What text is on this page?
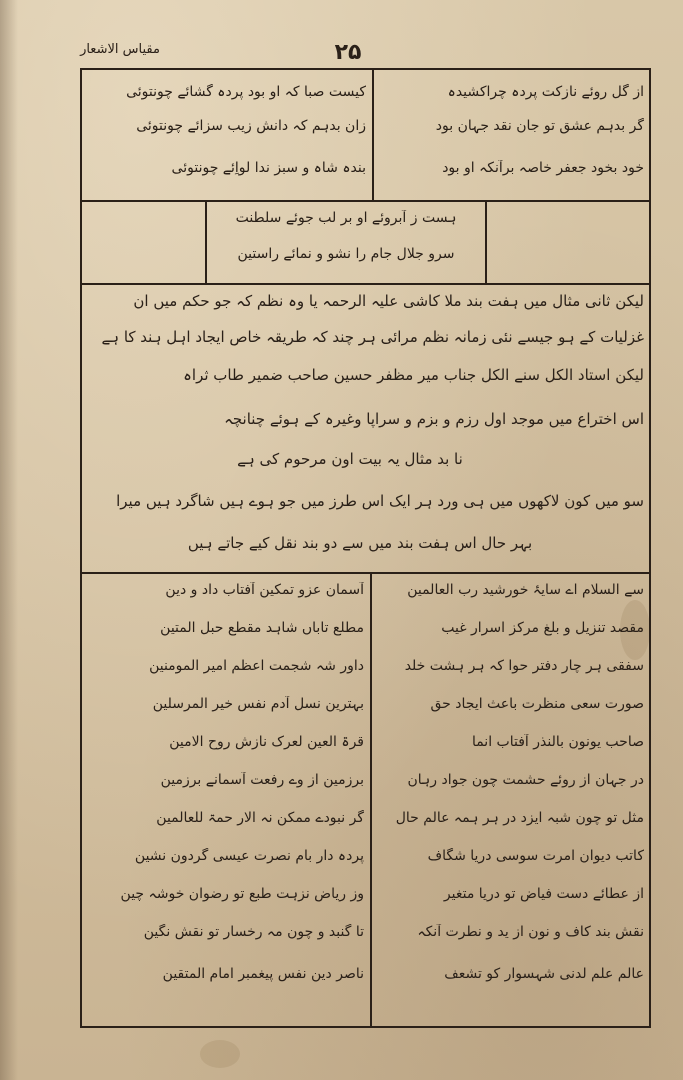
مقیاس الاشعار	۲۵
از گل روئے نازکت پردہ چراکشیدہ
گر بدہم عشق تو جان نقد جہان بود
خود بخود جعفر خاصہ برآنکہ او بود
کیست صبا کہ او بود پردہ گشائے چونتوئی
زان بدہم کہ دانش زیب سزائے چونتوئی
بندہ شاہ و سبز ندا لواِئے چونتوئی
ہست ز آبروئے او بر لب جوئے سلطنت
سرو جلال جام را نشو و نمائے راستین
لیکن ثانی مثال میں ہفت بند ملا کاشی علیہ الرحمہ یا وہ نظم کہ جو حکم میں ان
غزلیات کے ہو جیسے نئی زمانہ نظم مرائی ہر چند کہ طریقہ خاص ایجاد اہل ہند کا ہے
لیکن استاد الکل سنے الکل جناب میر مظفر حسین صاحب ضمیر طاب ثراہ
اس اختراع میں موجد اول رزم و بزم و سراپا وغیرہ کے ہوئے چنانچہ
نا بد مثال یہ بیت اون مرحوم کی ہے
سو میں کون لاکھوں میں ہی ورد ہر ایک اس طرز میں جو ہوے ہیں شاگرد ہیں میرا
بہر حال اس ہفت بند میں سے دو بند نقل کیے جاتے ہیں
سے السلام اے سایۂ خورشید رب العالمین
مقصد تنزیل و بلغ مرکز اسرار غیب
سفقی ہر چار دفتر حوا کہ ہر ہشت خلد
صورت سعی منظرت باعث ایجاد حق
صاحب یونون بالنذر آفتاب انما
در جہان از روئے حشمت چون جواد رہان
مثل تو چون شبہ ایزد در ہر ہمہ عالم حال
کاتب دیوان امرت سوسی دریا شگاف
از عطائے دست فیاض تو دریا متغیر
نقش بند کاف و نون از ید و نطرت آنکہ
عالم علم لدنی شہسوار کو تشعف
آسمان عزو تمکین آفتاب داد و دین
مطلع تاباں شاہد مقطع حبل المتین
داور شہ شجمت اعظم امیر المومنین
بہترین نسل آدم نفس خیر المرسلین
قرۃ العین لعرک نازش روح الامین
برزمین از وے رفعت آسمانے برزمین
گر نبودے ممکن نہ الار حمۃ للعالمین
پردہ دار بام نصرت عیسی گردون نشین
وز ریاض نزہت طبع تو رضوان خوشہ چین
تا گنبد و چون مہ رخسار تو نقش نگین
ناصر دین نفس پیغمبر امام المتقین
